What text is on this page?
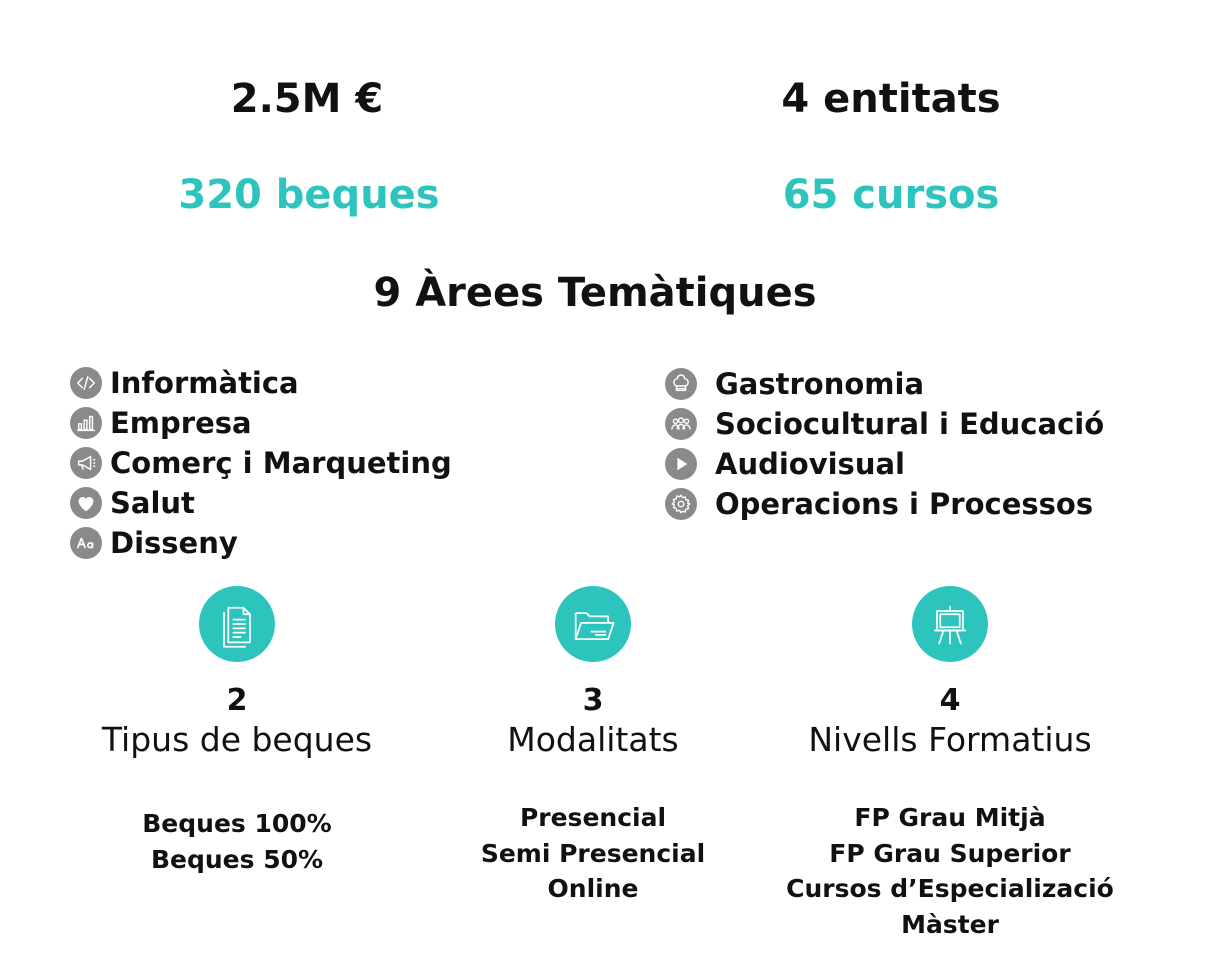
2.5M €	4 entitats
320 beques	65 cursos
9 Àrees Temàtiques
Informàtica
Empresa
Comerç i Marqueting
Salut
Disseny
Gastronomia
Sociocultural i Educació
Audiovisual
Operacions i Processos
2
Tipus de beques
Beques 100%
Beques 50%
3
Modalitats
Presencial
Semi Presencial
Online
4
Nivells Formatius
FP Grau Mitjà
FP Grau Superior
Cursos d’Especializació
Màster
